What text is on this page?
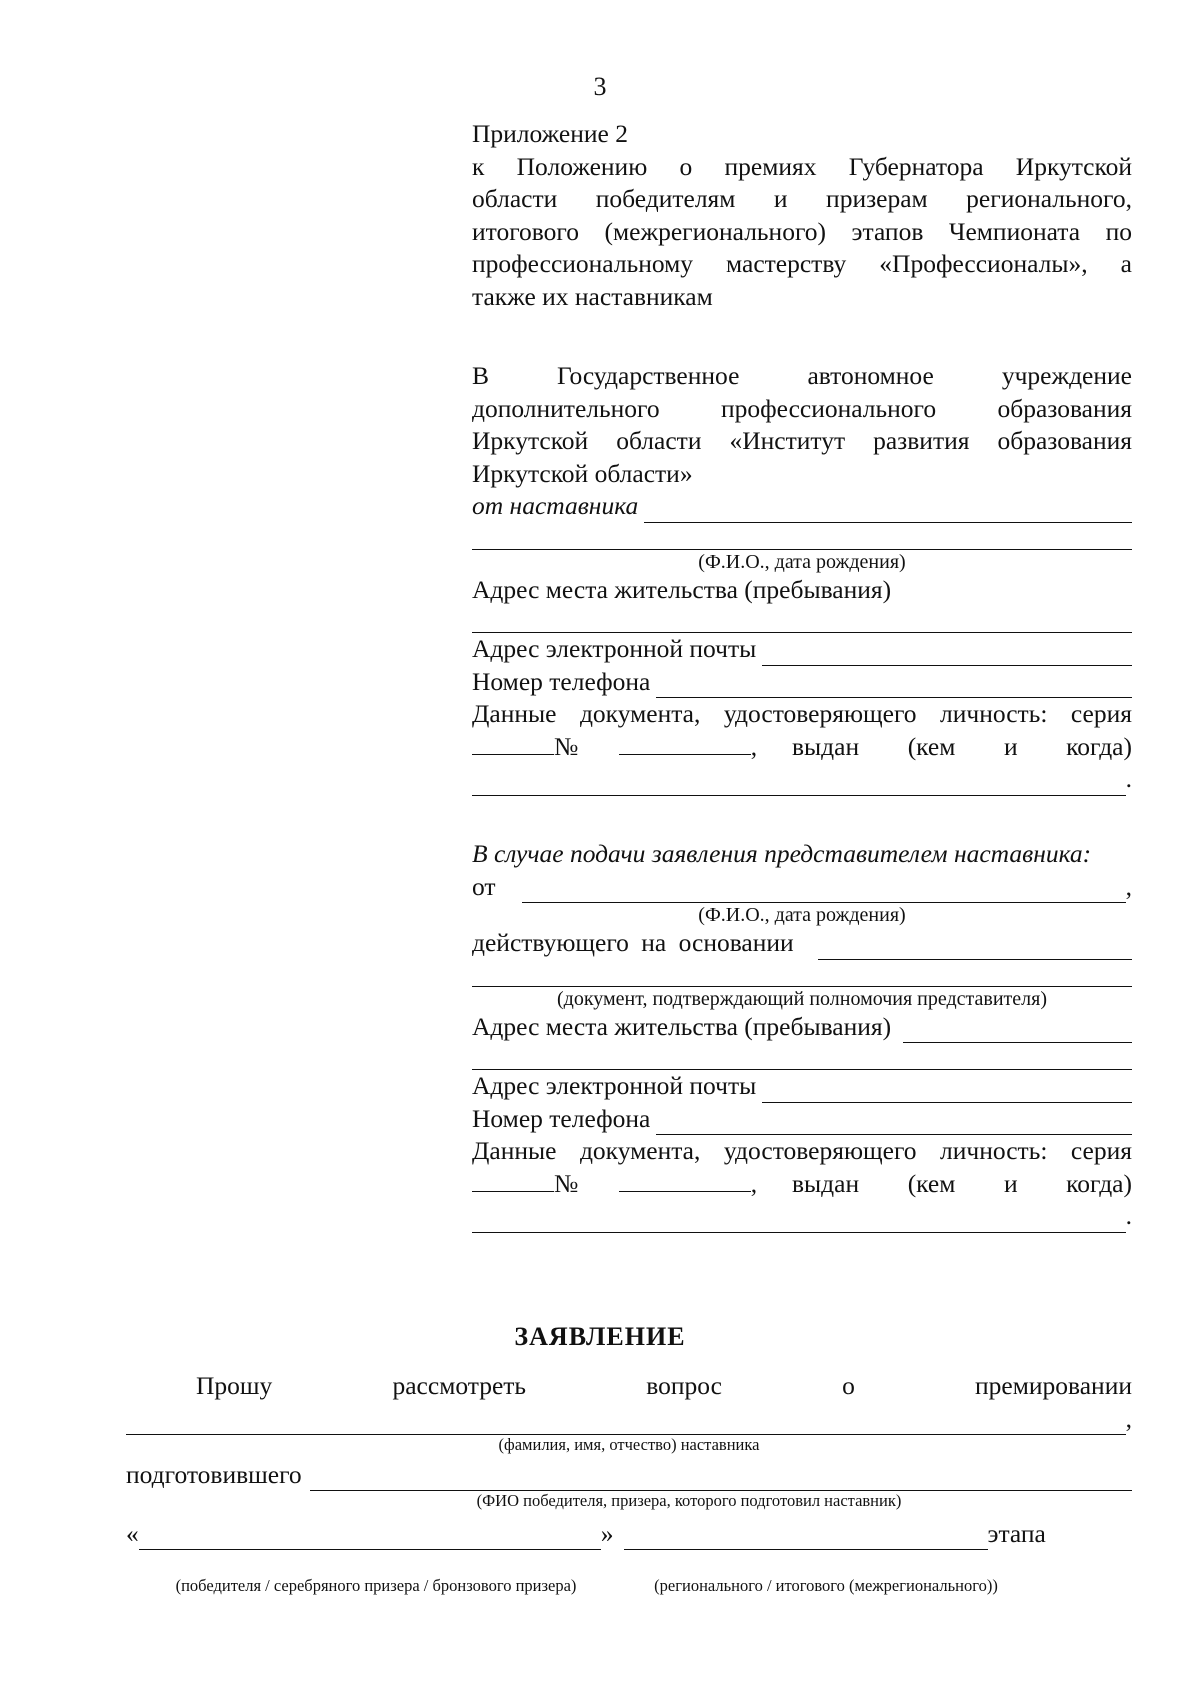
3
Приложение 2
к Положению о премиях Губернатора Иркутской
области победителям и призерам регионального,
итогового (межрегионального) этапов Чемпионата по
профессиональному мастерству «Профессионалы», а
также их наставникам
В Государственное автономное учреждение
дополнительного профессионального образования
Иркутской области «Институт развития образования
Иркутской области»
от наставника
(Ф.И.О., дата рождения)
Адрес места жительства (пребывания)
Адрес электронной почты
Номер телефона
Данные документа, удостоверяющего личность: серия
№	, выдан (кем и когда)
.
В случае подачи заявления представителем наставника:
от	,
(Ф.И.О., дата рождения)
действующего на основании
(документ, подтверждающий полномочия представителя)
Адрес места жительства (пребывания)
Адрес электронной почты
Номер телефона
Данные документа, удостоверяющего личность: серия
№	, выдан (кем и когда)
.
ЗАЯВЛЕНИЕ
Прошу	рассмотреть	вопрос	о	премировании
,
(фамилия, имя, отчество) наставника
подготовившего
(ФИО победителя, призера, которого подготовил наставник)
«	»	этапа
(победителя / серебряного призера / бронзового призера)	(регионального / итогового (межрегионального))
